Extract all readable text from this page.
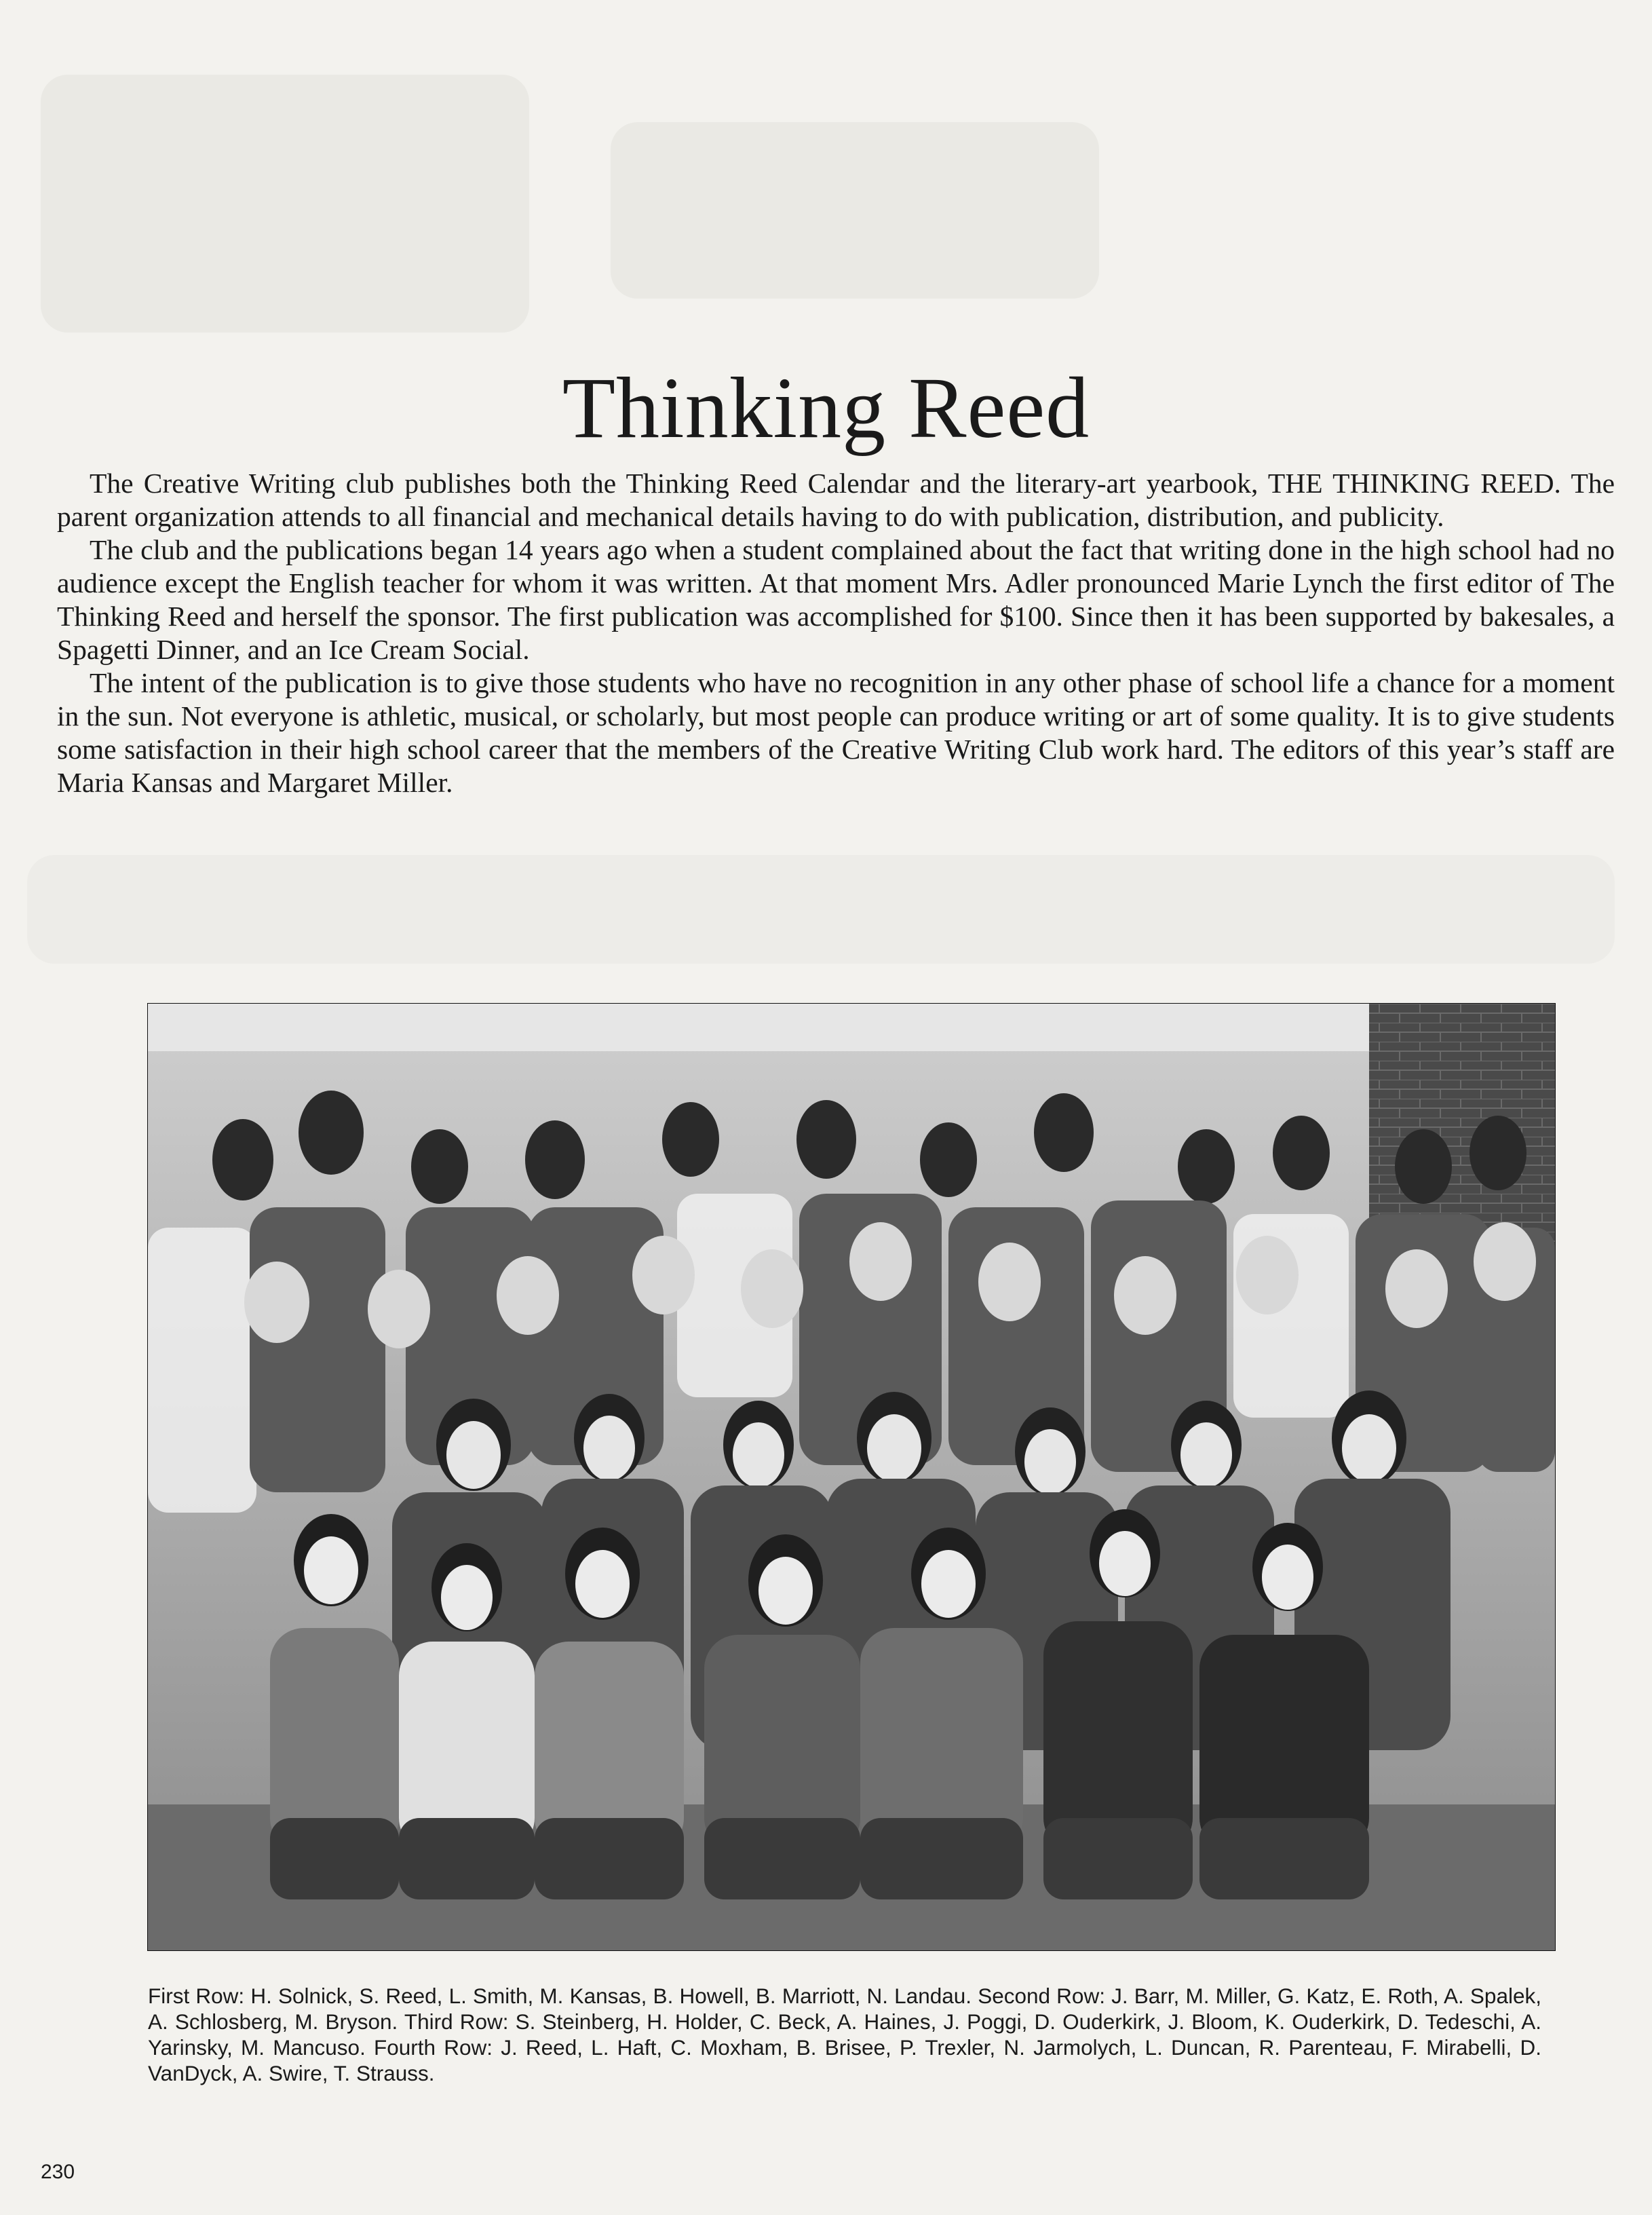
Thinking Reed

The Creative Writing club publishes both the Thinking Reed Calendar and the literary-art yearbook, THE THINKING REED. The parent organization attends to all financial and mechanical details having to do with publication, distribution, and publicity.

The club and the publications began 14 years ago when a student complained about the fact that writing done in the high school had no audience except the English teacher for whom it was written. At that moment Mrs. Adler pronounced Marie Lynch the first editor of The Thinking Reed and herself the sponsor. The first publication was accomplished for $100. Since then it has been supported by bakesales, a Spagetti Dinner, and an Ice Cream Social.

The intent of the publication is to give those students who have no recognition in any other phase of school life a chance for a moment in the sun. Not everyone is athletic, musical, or scholarly, but most people can produce writing or art of some quality. It is to give students some satisfaction in their high school career that the members of the Creative Writing Club work hard. The editors of this year’s staff are Maria Kansas and Margaret Miller.

First Row: H. Solnick, S. Reed, L. Smith, M. Kansas, B. Howell, B. Marriott, N. Landau. Second Row: J. Barr, M. Miller, G. Katz, E. Roth, A. Spalek, A. Schlosberg, M. Bryson. Third Row: S. Steinberg, H. Holder, C. Beck, A. Haines, J. Poggi, D. Ouderkirk, J. Bloom, K. Ouderkirk, D. Tedeschi, A. Yarinsky, M. Mancuso. Fourth Row: J. Reed, L. Haft, C. Moxham, B. Brisee, P. Trexler, N. Jarmolych, L. Duncan, R. Parenteau, F. Mirabelli, D. VanDyck, A. Swire, T. Strauss.
230
